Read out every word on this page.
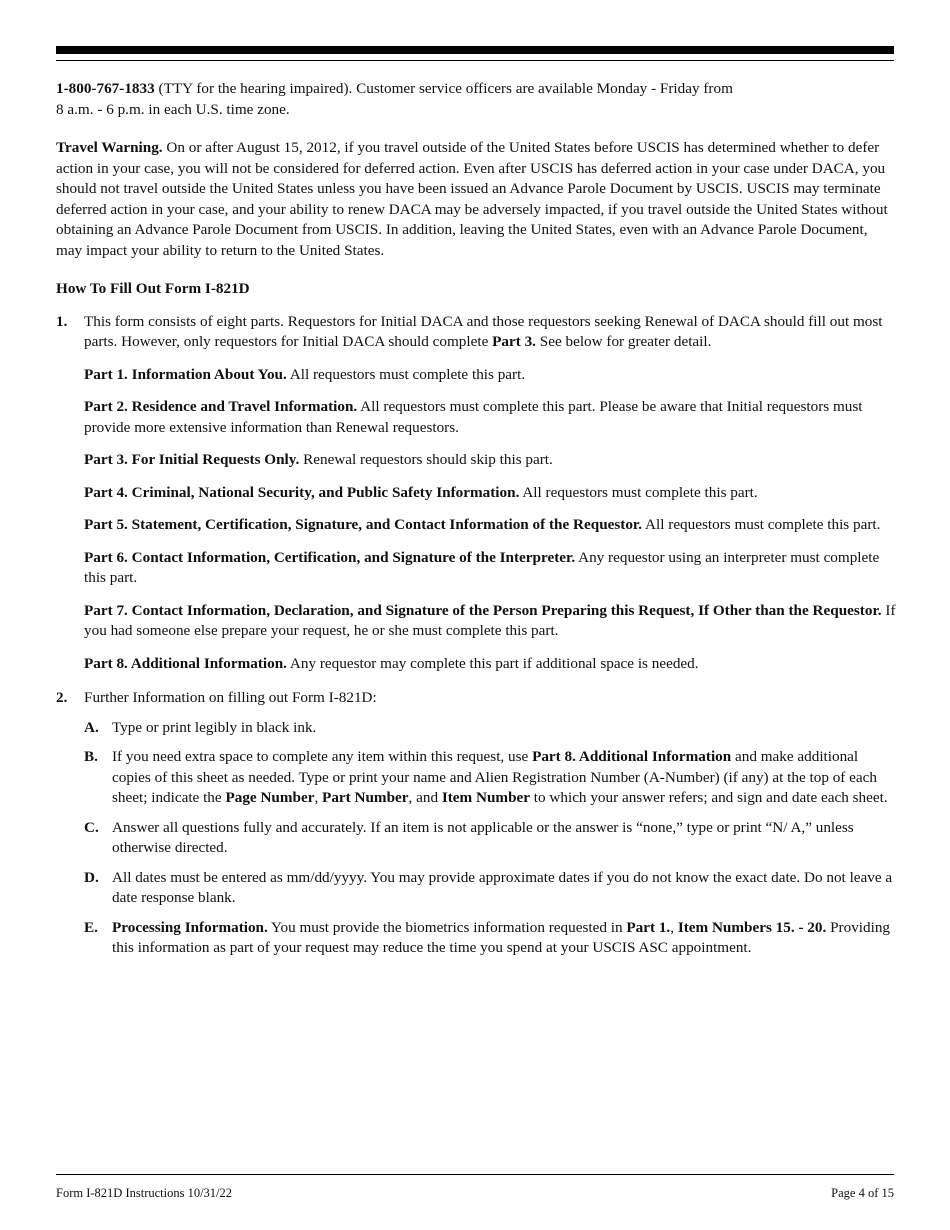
1-800-767-1833 (TTY for the hearing impaired). Customer service officers are available Monday - Friday from
8 a.m. - 6 p.m. in each U.S. time zone.

Travel Warning. On or after August 15, 2012, if you travel outside of the United States before USCIS has determined whether to defer action in your case, you will not be considered for deferred action. Even after USCIS has deferred action in your case under DACA, you should not travel outside the United States unless you have been issued an Advance Parole Document by USCIS. USCIS may terminate deferred action in your case, and your ability to renew DACA may be adversely impacted, if you travel outside the United States without obtaining an Advance Parole Document from USCIS. In addition, leaving the United States, even with an Advance Parole Document, may impact your ability to return to the United States.

How To Fill Out Form I-821D

1.	This form consists of eight parts. Requestors for Initial DACA and those requestors seeking Renewal of DACA should fill out most parts. However, only requestors for Initial DACA should complete Part 3. See below for greater detail.

Part 1. Information About You. All requestors must complete this part.

Part 2. Residence and Travel Information. All requestors must complete this part. Please be aware that Initial requestors must provide more extensive information than Renewal requestors.

Part 3. For Initial Requests Only. Renewal requestors should skip this part.

Part 4. Criminal, National Security, and Public Safety Information. All requestors must complete this part.

Part 5. Statement, Certification, Signature, and Contact Information of the Requestor. All requestors must complete this part.

Part 6. Contact Information, Certification, and Signature of the Interpreter. Any requestor using an interpreter must complete this part.

Part 7. Contact Information, Declaration, and Signature of the Person Preparing this Request, If Other than the Requestor. If you had someone else prepare your request, he or she must complete this part.

Part 8. Additional Information. Any requestor may complete this part if additional space is needed.

2.	Further Information on filling out Form I-821D:

A. Type or print legibly in black ink.
B. If you need extra space to complete any item within this request, use Part 8. Additional Information and make additional copies of this sheet as needed. Type or print your name and Alien Registration Number (A-Number) (if any) at the top of each sheet; indicate the Page Number, Part Number, and Item Number to which your answer refers; and sign and date each sheet.
C. Answer all questions fully and accurately. If an item is not applicable or the answer is “none,” type or print “N/ A,” unless otherwise directed.
D. All dates must be entered as mm/dd/yyyy. You may provide approximate dates if you do not know the exact date. Do not leave a date response blank.
E. Processing Information. You must provide the biometrics information requested in Part 1., Item Numbers 15. - 20. Providing this information as part of your request may reduce the time you spend at your USCIS ASC appointment.
Form I-821D Instructions 10/31/22	Page 4 of 15
